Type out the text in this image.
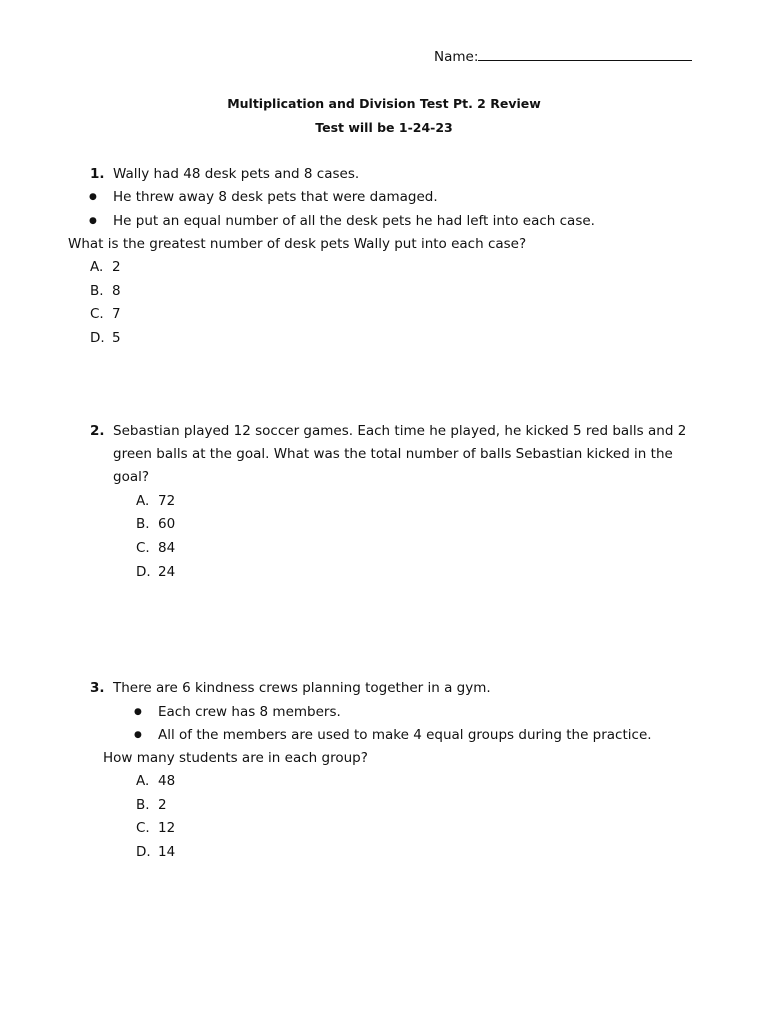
Name:
Multiplication and Division Test Pt. 2 Review
Test will be 1-24-23
1. Wally had 48 desk pets and 8 cases.
● He threw away 8 desk pets that were damaged.
● He put an equal number of all the desk pets he had left into each case.
What is the greatest number of desk pets Wally put into each case?
A. 2
B. 8
C. 7
D. 5
2. Sebastian played 12 soccer games. Each time he played, he kicked 5 red balls and 2
green balls at the goal. What was the total number of balls Sebastian kicked in the
goal?
A. 72
B. 60
C. 84
D. 24
3. There are 6 kindness crews planning together in a gym.
● Each crew has 8 members.
● All of the members are used to make 4 equal groups during the practice.
How many students are in each group?
A. 48
B. 2
C. 12
D. 14
